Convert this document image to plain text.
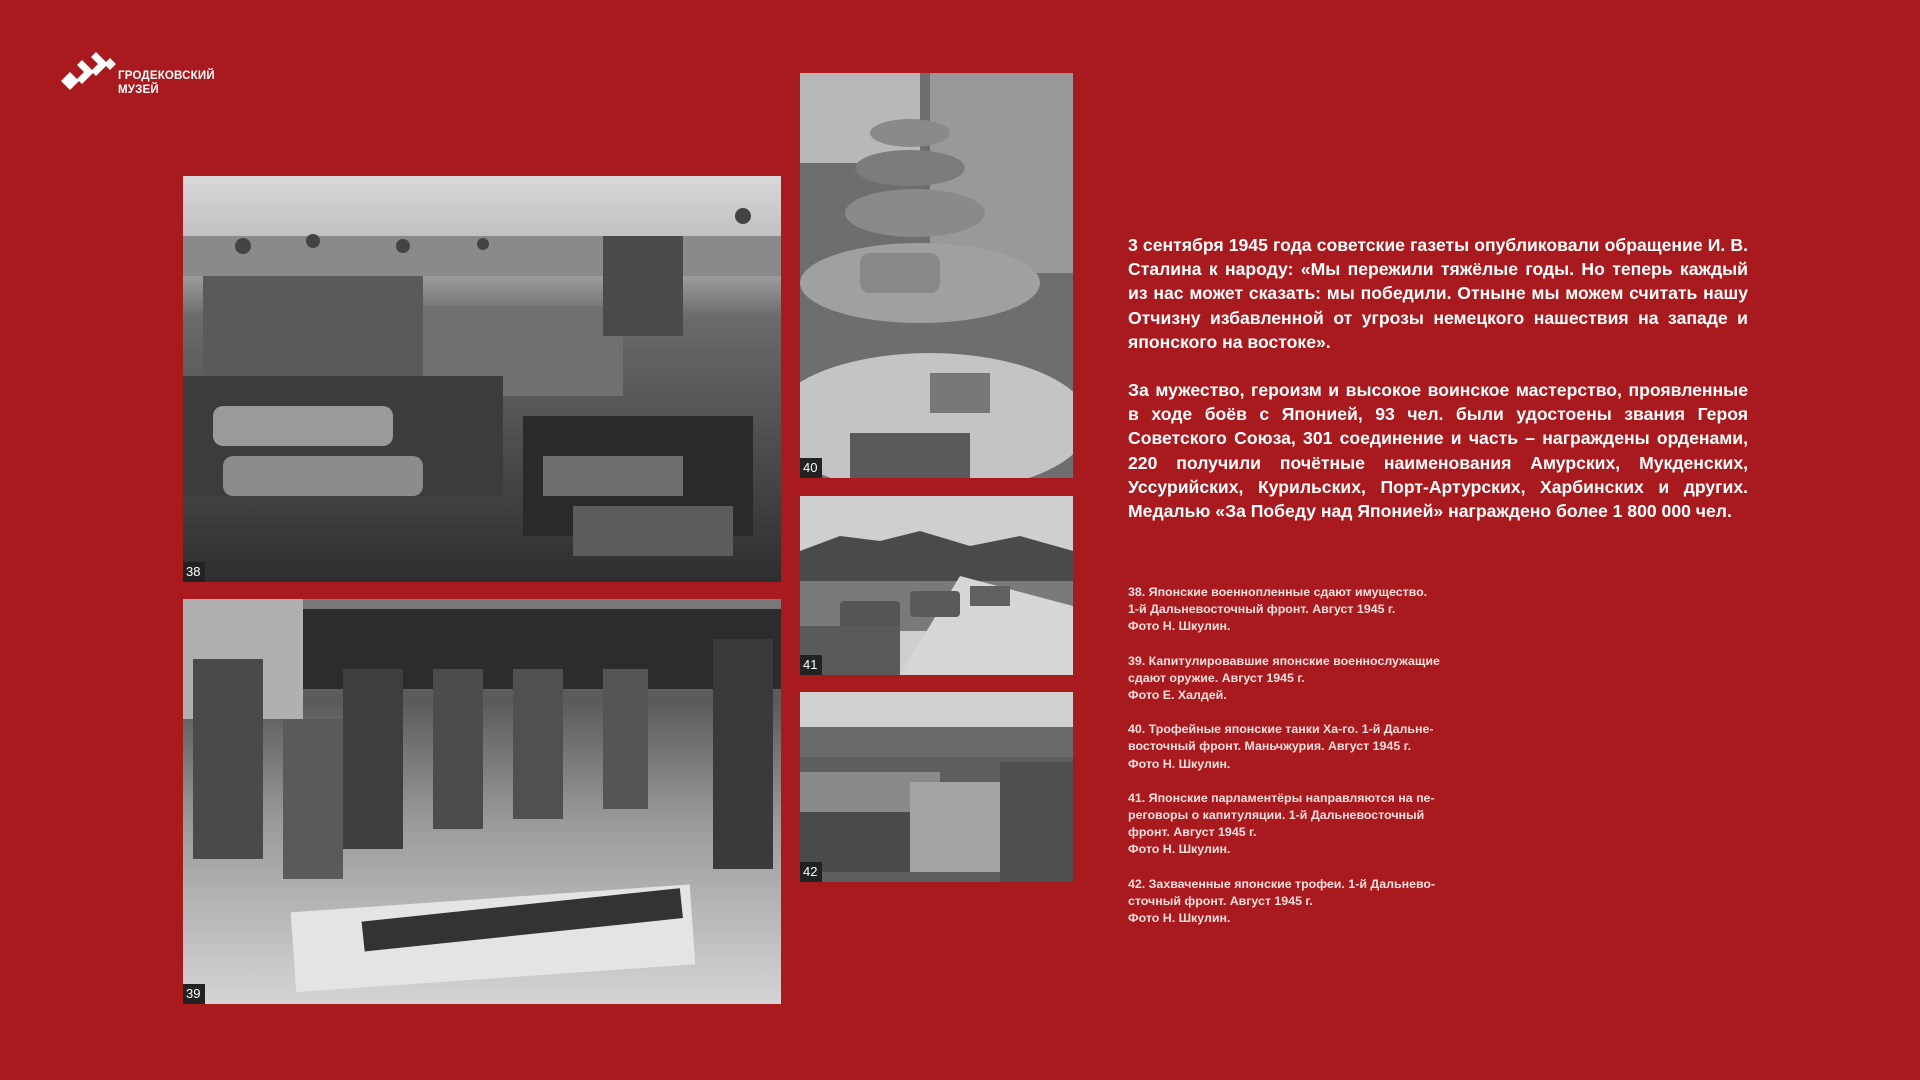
ГРОДЕКОВСКИЙ
МУЗЕЙ
38
39
40
41
42

3 сентября 1945 года советские газеты опубликовали обращение И. В. Сталина к народу: «Мы пережили тяжёлые годы. Но теперь каждый из нас может сказать: мы победили. Отныне мы можем считать нашу Отчизну избавленной от угрозы немецкого нашествия на западе и японского на востоке».

За мужество, героизм и высокое воинское мастерство, проявленные в ходе боёв с Японией, 93 чел. были удостоены звания Героя Советского Союза, 301 соединение и часть – награждены орденами, 220 получили почётные наименования Амурских, Мукденских, Уссурийских, Курильских, Порт-Артурских, Харбинских и других. Медалью «За Победу над Японией» награждено более 1 800 000 чел.

38. Японские военнопленные сдают имущество.
1-й Дальневосточный фронт. Август 1945 г.
Фото Н. Шкулин.
39. Капитулировавшие японские военнослужащие
сдают оружие. Август 1945 г.
Фото Е. Халдей.
40. Трофейные японские танки Ха-го. 1-й Дальне-
восточный фронт. Маньчжурия. Август 1945 г.
Фото Н. Шкулин.
41. Японские парламентёры направляются на пе-
реговоры о капитуляции. 1-й Дальневосточный
фронт. Август 1945 г.
Фото Н. Шкулин.
42. Захваченные японские трофеи. 1-й Дальнево-
сточный фронт. Август 1945 г.
Фото Н. Шкулин.
